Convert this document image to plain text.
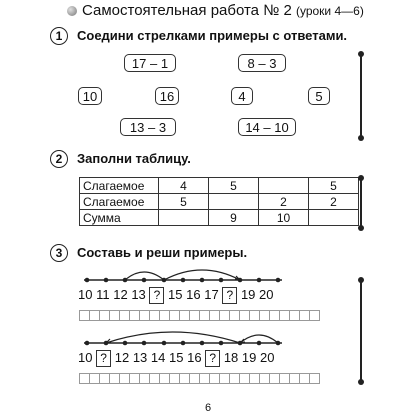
Самостоятельная работа № 2 (уроки 4—6)
1	Соедини стрелками примеры с ответами.
17 – 1	8 – 3
10	16	4	5
13 – 3	14 – 10
2	Заполни таблицу.
Слагаемое	4	5		5
Слагаемое	5		2	2
Сумма		9	10	
3	Составь и реши примеры.
10 11 12 13 ? 15 16 17 ? 19 20
10 ? 12 13 14 15 16 ? 18 19 20
6
